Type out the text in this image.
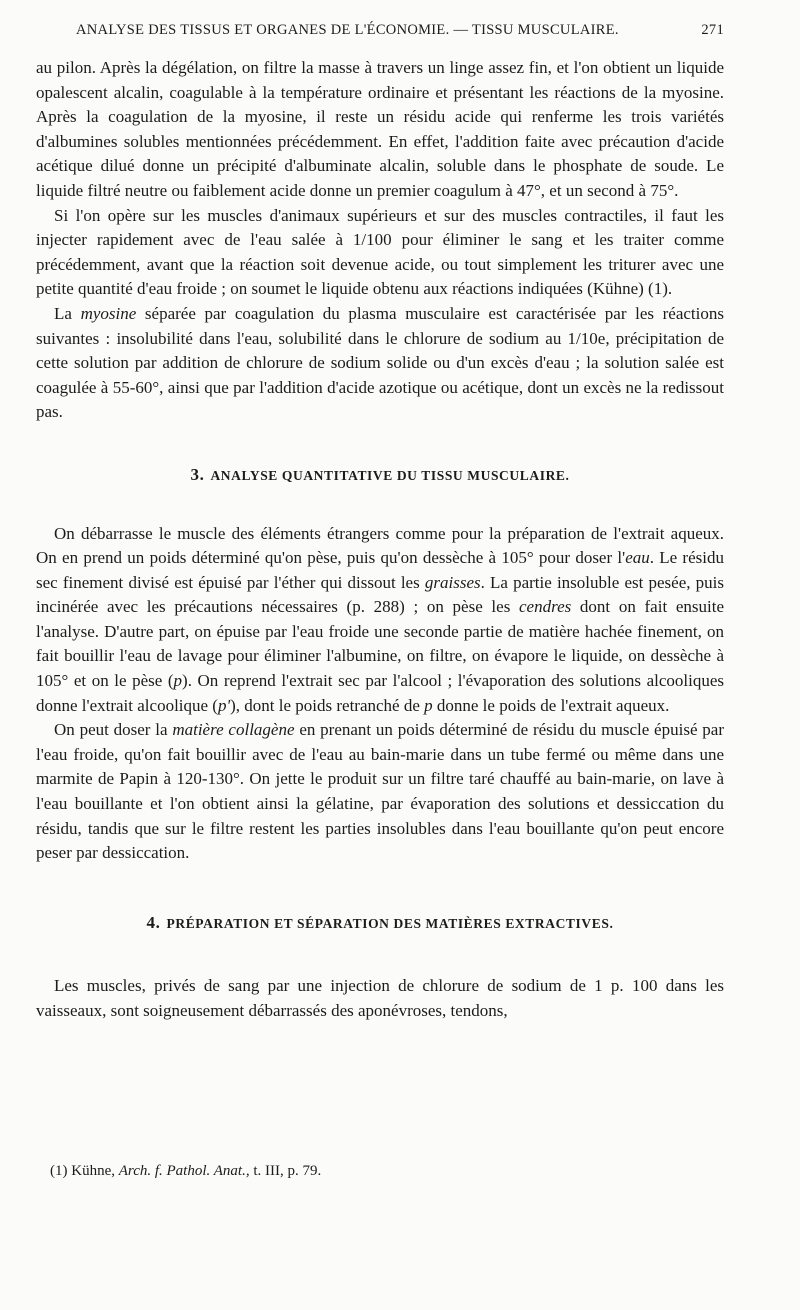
ANALYSE DES TISSUS ET ORGANES DE L'ÉCONOMIE. — TISSU MUSCULAIRE.	271

au pilon. Après la dégélation, on filtre la masse à travers un linge assez fin, et l'on obtient un liquide opalescent alcalin, coagulable à la température ordinaire et présentant les réactions de la myosine. Après la coagulation de la myosine, il reste un résidu acide qui renferme les trois variétés d'albumines solubles mentionnées précédemment. En effet, l'addition faite avec précaution d'acide acétique dilué donne un précipité d'albuminate alcalin, soluble dans le phosphate de soude. Le liquide filtré neutre ou faiblement acide donne un premier coagulum à 47°, et un second à 75°.

Si l'on opère sur les muscles d'animaux supérieurs et sur des muscles contractiles, il faut les injecter rapidement avec de l'eau salée à 1/100 pour éliminer le sang et les traiter comme précédemment, avant que la réaction soit devenue acide, ou tout simplement les triturer avec une petite quantité d'eau froide ; on soumet le liquide obtenu aux réactions indiquées (Kühne) (1).

La myosine séparée par coagulation du plasma musculaire est caractérisée par les réactions suivantes : insolubilité dans l'eau, solubilité dans le chlorure de sodium au 1/10e, précipitation de cette solution par addition de chlorure de sodium solide ou d'un excès d'eau ; la solution salée est coagulée à 55-60°, ainsi que par l'addition d'acide azotique ou acétique, dont un excès ne la redissout pas.

3. ANALYSE QUANTITATIVE DU TISSU MUSCULAIRE.

On débarrasse le muscle des éléments étrangers comme pour la préparation de l'extrait aqueux. On en prend un poids déterminé qu'on pèse, puis qu'on dessèche à 105° pour doser l'eau. Le résidu sec finement divisé est épuisé par l'éther qui dissout les graisses. La partie insoluble est pesée, puis incinérée avec les précautions nécessaires (p. 288) ; on pèse les cendres dont on fait ensuite l'analyse. D'autre part, on épuise par l'eau froide une seconde partie de matière hachée finement, on fait bouillir l'eau de lavage pour éliminer l'albumine, on filtre, on évapore le liquide, on dessèche à 105° et on le pèse (p). On reprend l'extrait sec par l'alcool ; l'évaporation des solutions alcooliques donne l'extrait alcoolique (p'), dont le poids retranché de p donne le poids de l'extrait aqueux.

On peut doser la matière collagène en prenant un poids déterminé de résidu du muscle épuisé par l'eau froide, qu'on fait bouillir avec de l'eau au bain-marie dans un tube fermé ou même dans une marmite de Papin à 120-130°. On jette le produit sur un filtre taré chauffé au bain-marie, on lave à l'eau bouillante et l'on obtient ainsi la gélatine, par évaporation des solutions et dessiccation du résidu, tandis que sur le filtre restent les parties insolubles dans l'eau bouillante qu'on peut encore peser par dessiccation.

4. PRÉPARATION ET SÉPARATION DES MATIÈRES EXTRACTIVES.

Les muscles, privés de sang par une injection de chlorure de sodium de 1 p. 100 dans les vaisseaux, sont soigneusement débarrassés des aponévroses, tendons,

(1) Kühne, Arch. f. Pathol. Anat., t. III, p. 79.
